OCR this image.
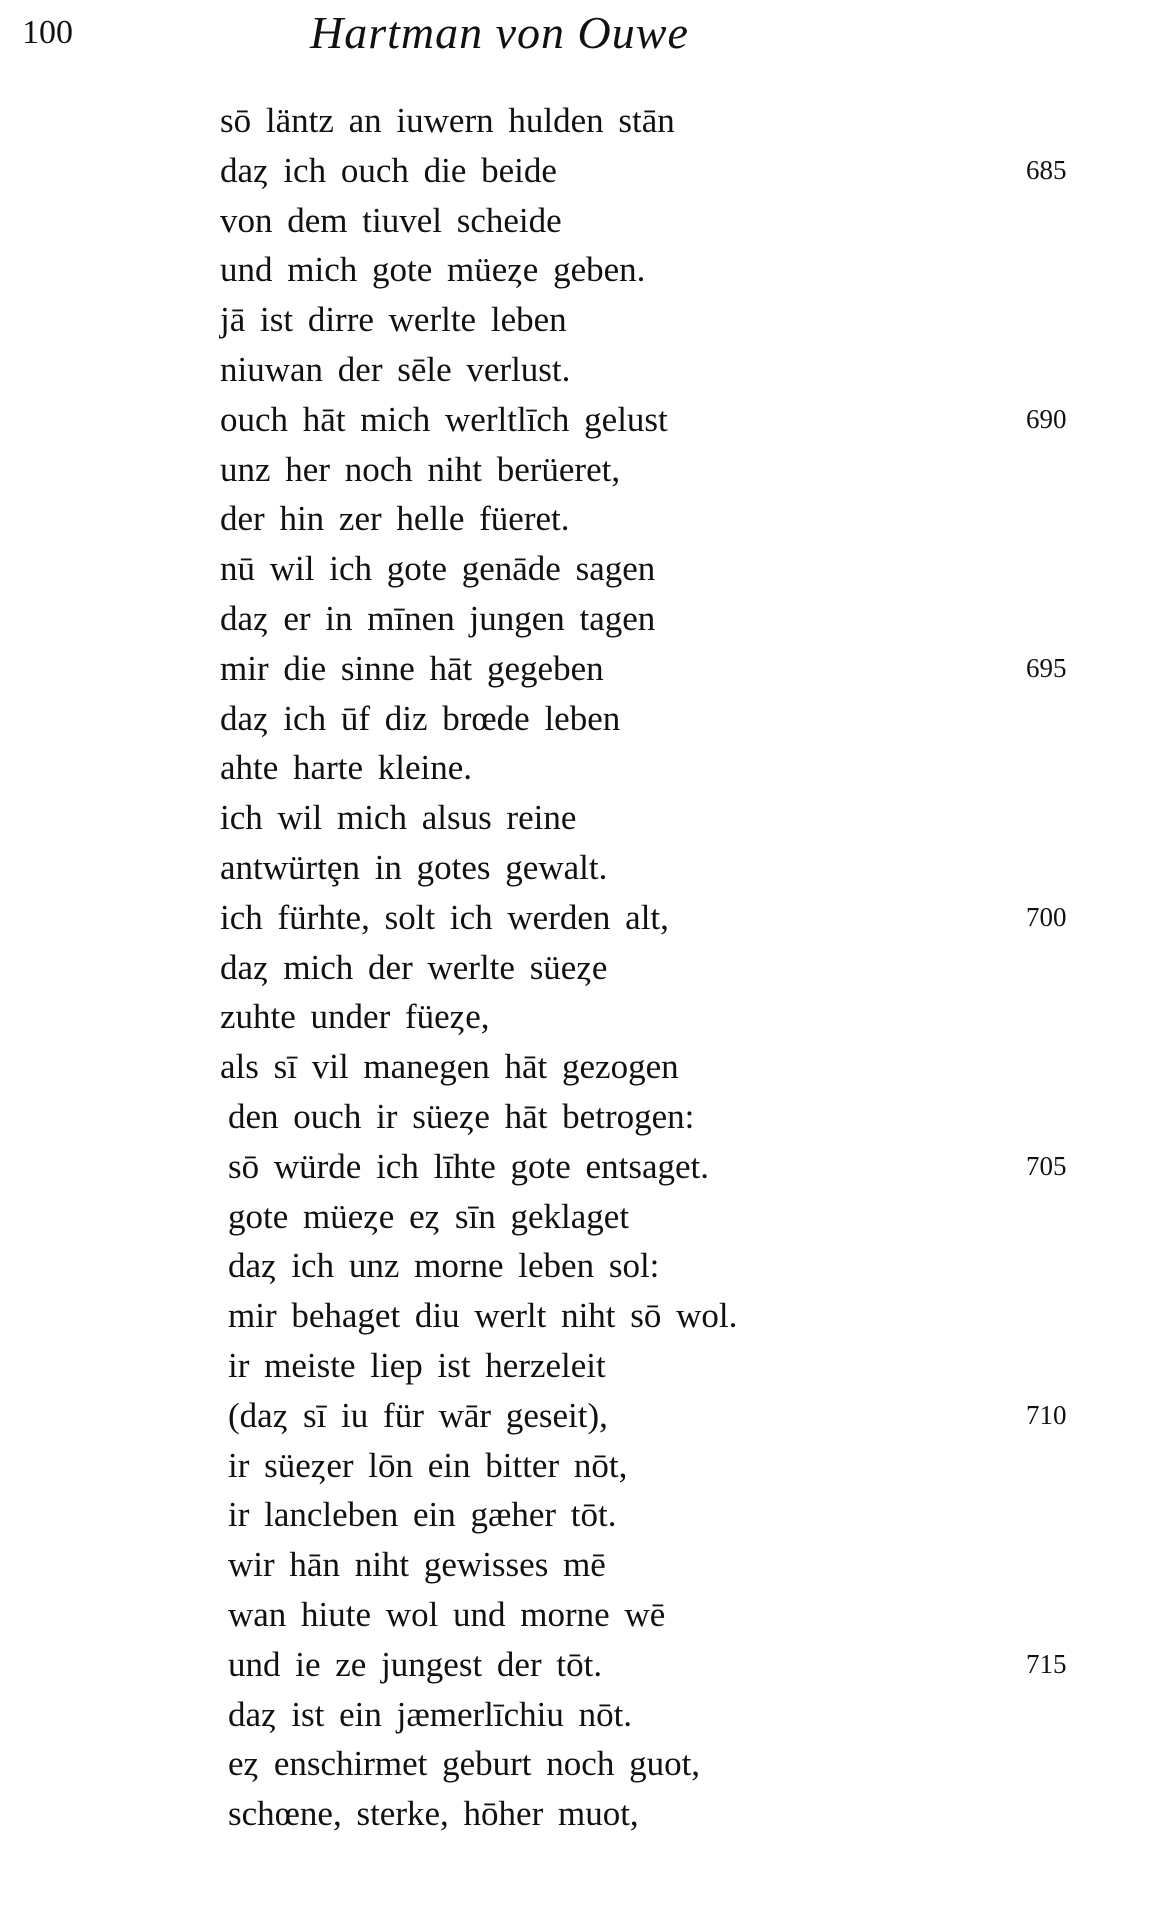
100	Hartman von Ouwe
sō läntz an iuwern hulden stān
daȥ ich ouch die beide	685
von dem tiuvel scheide
und mich gote müeȥe geben.
jā ist dirre werlte leben
niuwan der sēle verlust.
ouch hāt mich werltlīch gelust	690
unz her noch niht berüeret,
der hin zer helle füeret.
nū wil ich gote genāde sagen
daȥ er in mīnen jungen tagen
mir die sinne hāt gegeben	695
daȥ ich ūf diz brœde leben
ahte harte kleine.
ich wil mich alsus reine
antwürtȩn in gotes gewalt.
ich fürhte, solt ich werden alt,	700
daȥ mich der werlte süeȥe
zuhte under füeȥe,
als sī vil manegen hāt gezogen
den ouch ir süeȥe hāt betrogen:
sō würde ich līhte gote entsaget.	705
gote müeȥe eȥ sīn geklaget
daȥ ich unz morne leben sol:
mir behaget diu werlt niht sō wol.
ir meiste liep ist herzeleit
(daȥ sī iu für wār geseit),	710
ir süeȥer lōn ein bitter nōt,
ir lancleben ein gæher tōt.
wir hān niht gewisses mē
wan hiute wol und morne wē
und ie ze jungest der tōt.	715
daȥ ist ein jæmerlīchiu nōt.
eȥ enschirmet geburt noch guot,
schœne, sterke, hōher muot,
